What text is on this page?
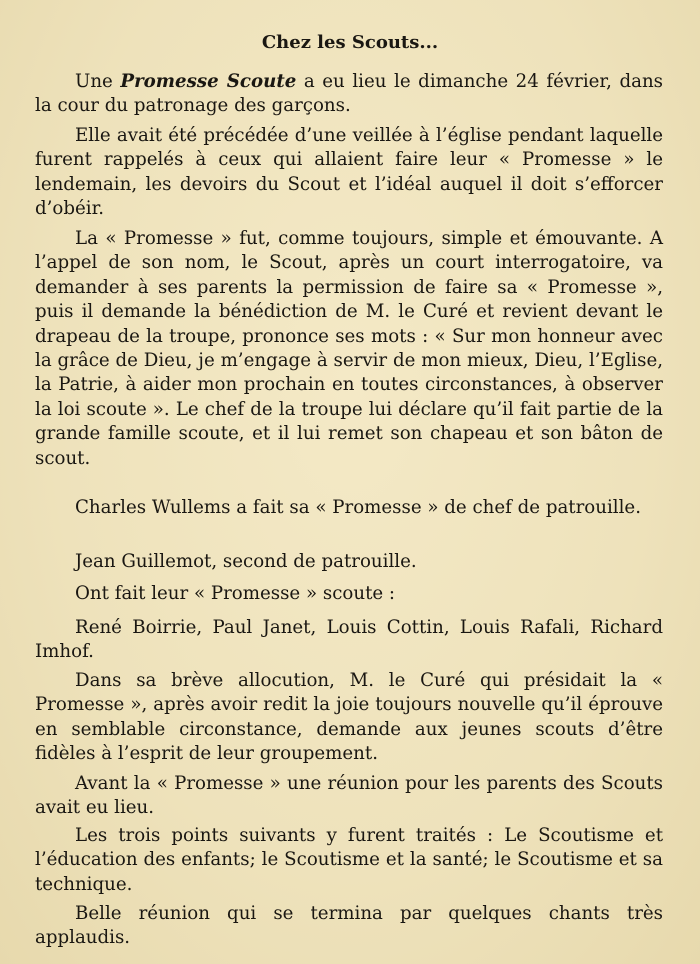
Chez les Scouts...

Une Promesse Scoute a eu lieu le dimanche 24 février, dans la cour du patronage des garçons.

Elle avait été précédée d’une veillée à l’église pendant laquelle furent rappelés à ceux qui allaient faire leur « Promesse » le lendemain, les devoirs du Scout et l’idéal auquel il doit s’efforcer d’obéir.

La « Promesse » fut, comme toujours, simple et émouvante. A l’appel de son nom, le Scout, après un court interrogatoire, va demander à ses parents la permission de faire sa « Promesse », puis il demande la bénédiction de M. le Curé et revient devant le drapeau de la troupe, prononce ses mots : « Sur mon honneur avec la grâce de Dieu, je m’engage à servir de mon mieux, Dieu, l’Eglise, la Patrie, à aider mon prochain en toutes circonstances, à observer la loi scoute ». Le chef de la troupe lui déclare qu’il fait partie de la grande famille scoute, et il lui remet son chapeau et son bâton de scout.

Charles Wullems a fait sa « Promesse » de chef de patrouille.

Jean Guillemot, second de patrouille.

Ont fait leur « Promesse » scoute :

René Boirrie, Paul Janet, Louis Cottin, Louis Rafali, Richard Imhof.

Dans sa brève allocution, M. le Curé qui présidait la « Promesse », après avoir redit la joie toujours nouvelle qu’il éprouve en semblable circonstance, demande aux jeunes scouts d’être fidèles à l’esprit de leur groupement.

Avant la « Promesse » une réunion pour les parents des Scouts avait eu lieu.

Les trois points suivants y furent traités : Le Scoutisme et l’éducation des enfants; le Scoutisme et la santé; le Scoutisme et sa technique.

Belle réunion qui se termina par quelques chants très applaudis.
